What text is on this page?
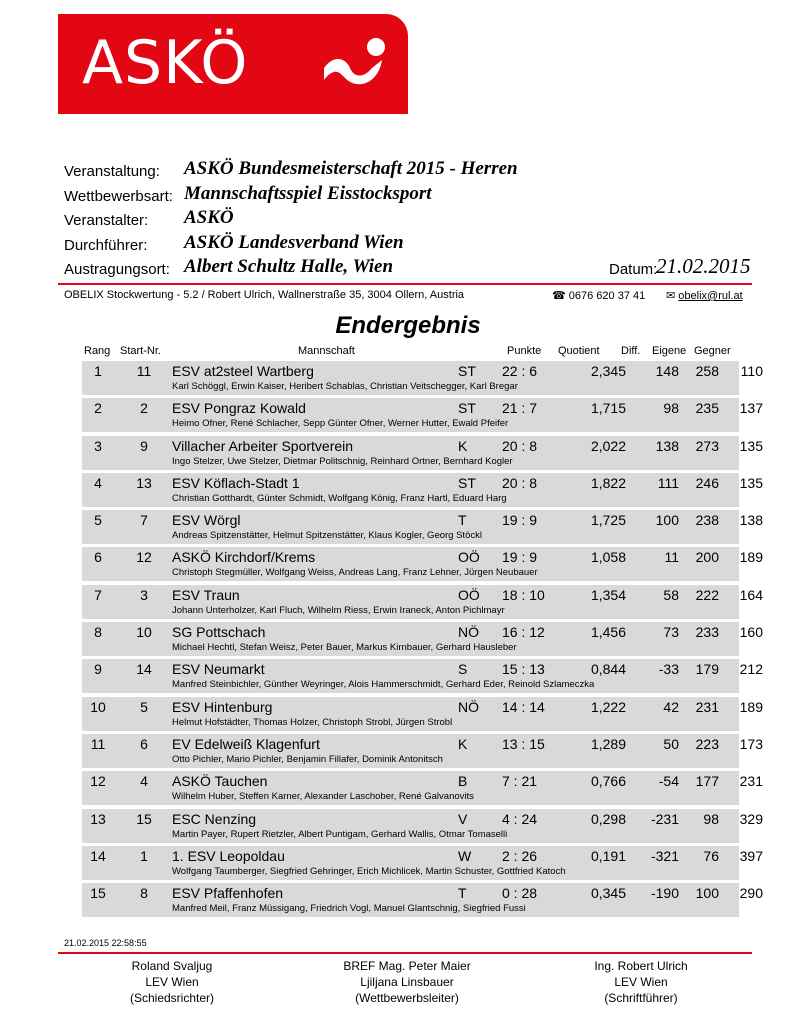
ASKÖ
Veranstaltung: ASKÖ Bundesmeisterschaft 2015 - Herren
Wettbewerbsart: Mannschaftsspiel Eisstocksport
Veranstalter: ASKÖ
Durchführer: ASKÖ Landesverband Wien
Austragungsort: Albert Schultz Halle, Wien	Datum:
21.02.2015
OBELIX Stockwertung - 5.2 / Robert Ulrich, Wallnerstraße 35, 3004 Ollern, Austria	☎ 0676 620 37 41 ✉ obelix@rul.at
Endergebnis
Rang Start-Nr.	Mannschaft	Punkte Quotient Diff. Eigene Gegner
1	11	ESV at2steel Wartberg	ST 22 : 6	2,345	148	258	110
Karl Schöggl, Erwin Kaiser, Heribert Schablas, Christian Veitschegger, Karl Bregar
2	2	ESV Pongraz Kowald	ST 21 : 7	1,715	98	235	137
Heimo Ofner, René Schlacher, Sepp Günter Ofner, Werner Hutter, Ewald Pfeifer
3	9	Villacher Arbeiter Sportverein	K 20 : 8	2,022	138	273	135
Ingo Stelzer, Uwe Stelzer, Dietmar Politschnig, Reinhard Ortner, Bernhard Kogler
4	13	ESV Köflach-Stadt 1	ST 20 : 8	1,822	111	246	135
Christian Gotthardt, Günter Schmidt, Wolfgang König, Franz Hartl, Eduard Harg
5	7	ESV Wörgl	T	19 : 9	1,725	100	238	138
Andreas Spitzenstätter, Helmut Spitzenstätter, Klaus Kogler, Georg Stöckl
6	12	ASKÖ Kirchdorf/Krems	OÖ 19 : 9	1,058	11	200	189
Christoph Stegmüller, Wolfgang Weiss, Andreas Lang, Franz Lehner, Jürgen Neubauer
7	3	ESV Traun	OÖ 18 : 10	1,354	58	222	164
Johann Unterholzer, Karl Fluch, Wilhelm Riess, Erwin Iraneck, Anton Pichlmayr
8	10	SG Pottschach	NÖ 16 : 12	1,456	73	233	160
Michael Hechtl, Stefan Weisz, Peter Bauer, Markus Kirnbauer, Gerhard Hausleber
9	14	ESV Neumarkt	S 15 : 13	0,844	-33	179	212
Manfred Steinbichler, Günther Weyringer, Alois Hammerschmidt, Gerhard Eder, Reinold Szlameczka
10	5	ESV Hintenburg	NÖ 14 : 14	1,222	42	231	189
Helmut Hofstädter, Thomas Holzer, Christoph Strobl, Jürgen Strobl
11	6	EV Edelweiß Klagenfurt	K 13 : 15	1,289	50	223	173
Otto Pichler, Mario Pichler, Benjamin Fillafer, Dominik Antonitsch
12	4	ASKÖ Tauchen	B 7 : 21	0,766	-54	177	231
Wilhelm Huber, Steffen Karner, Alexander Laschober, René Galvanovits
13	15	ESC Nenzing	V 4 : 24	0,298	-231	98	329
Martin Payer, Rupert Rietzler, Albert Puntigam, Gerhard Wallis, Otmar Tomaselli
14	1	1. ESV Leopoldau	W 2 : 26	0,191	-321	76	397
Wolfgang Taumberger, Siegfried Gehringer, Erich Michlicek, Martin Schuster, Gottfried Katoch
15	8	ESV Pfaffenhofen	T	0 : 28	0,345	-190	100	290
Manfred Meil, Franz Müssigang, Friedrich Vogl, Manuel Glantschnig, Siegfried Fussi
21.02.2015 22:58:55
Roland Svaljug
LEV Wien
(Schiedsrichter)
BREF Mag. Peter Maier
Ljiljana Linsbauer
(Wettbewerbsleiter)
Ing. Robert Ulrich
LEV Wien
(Schriftführer)
